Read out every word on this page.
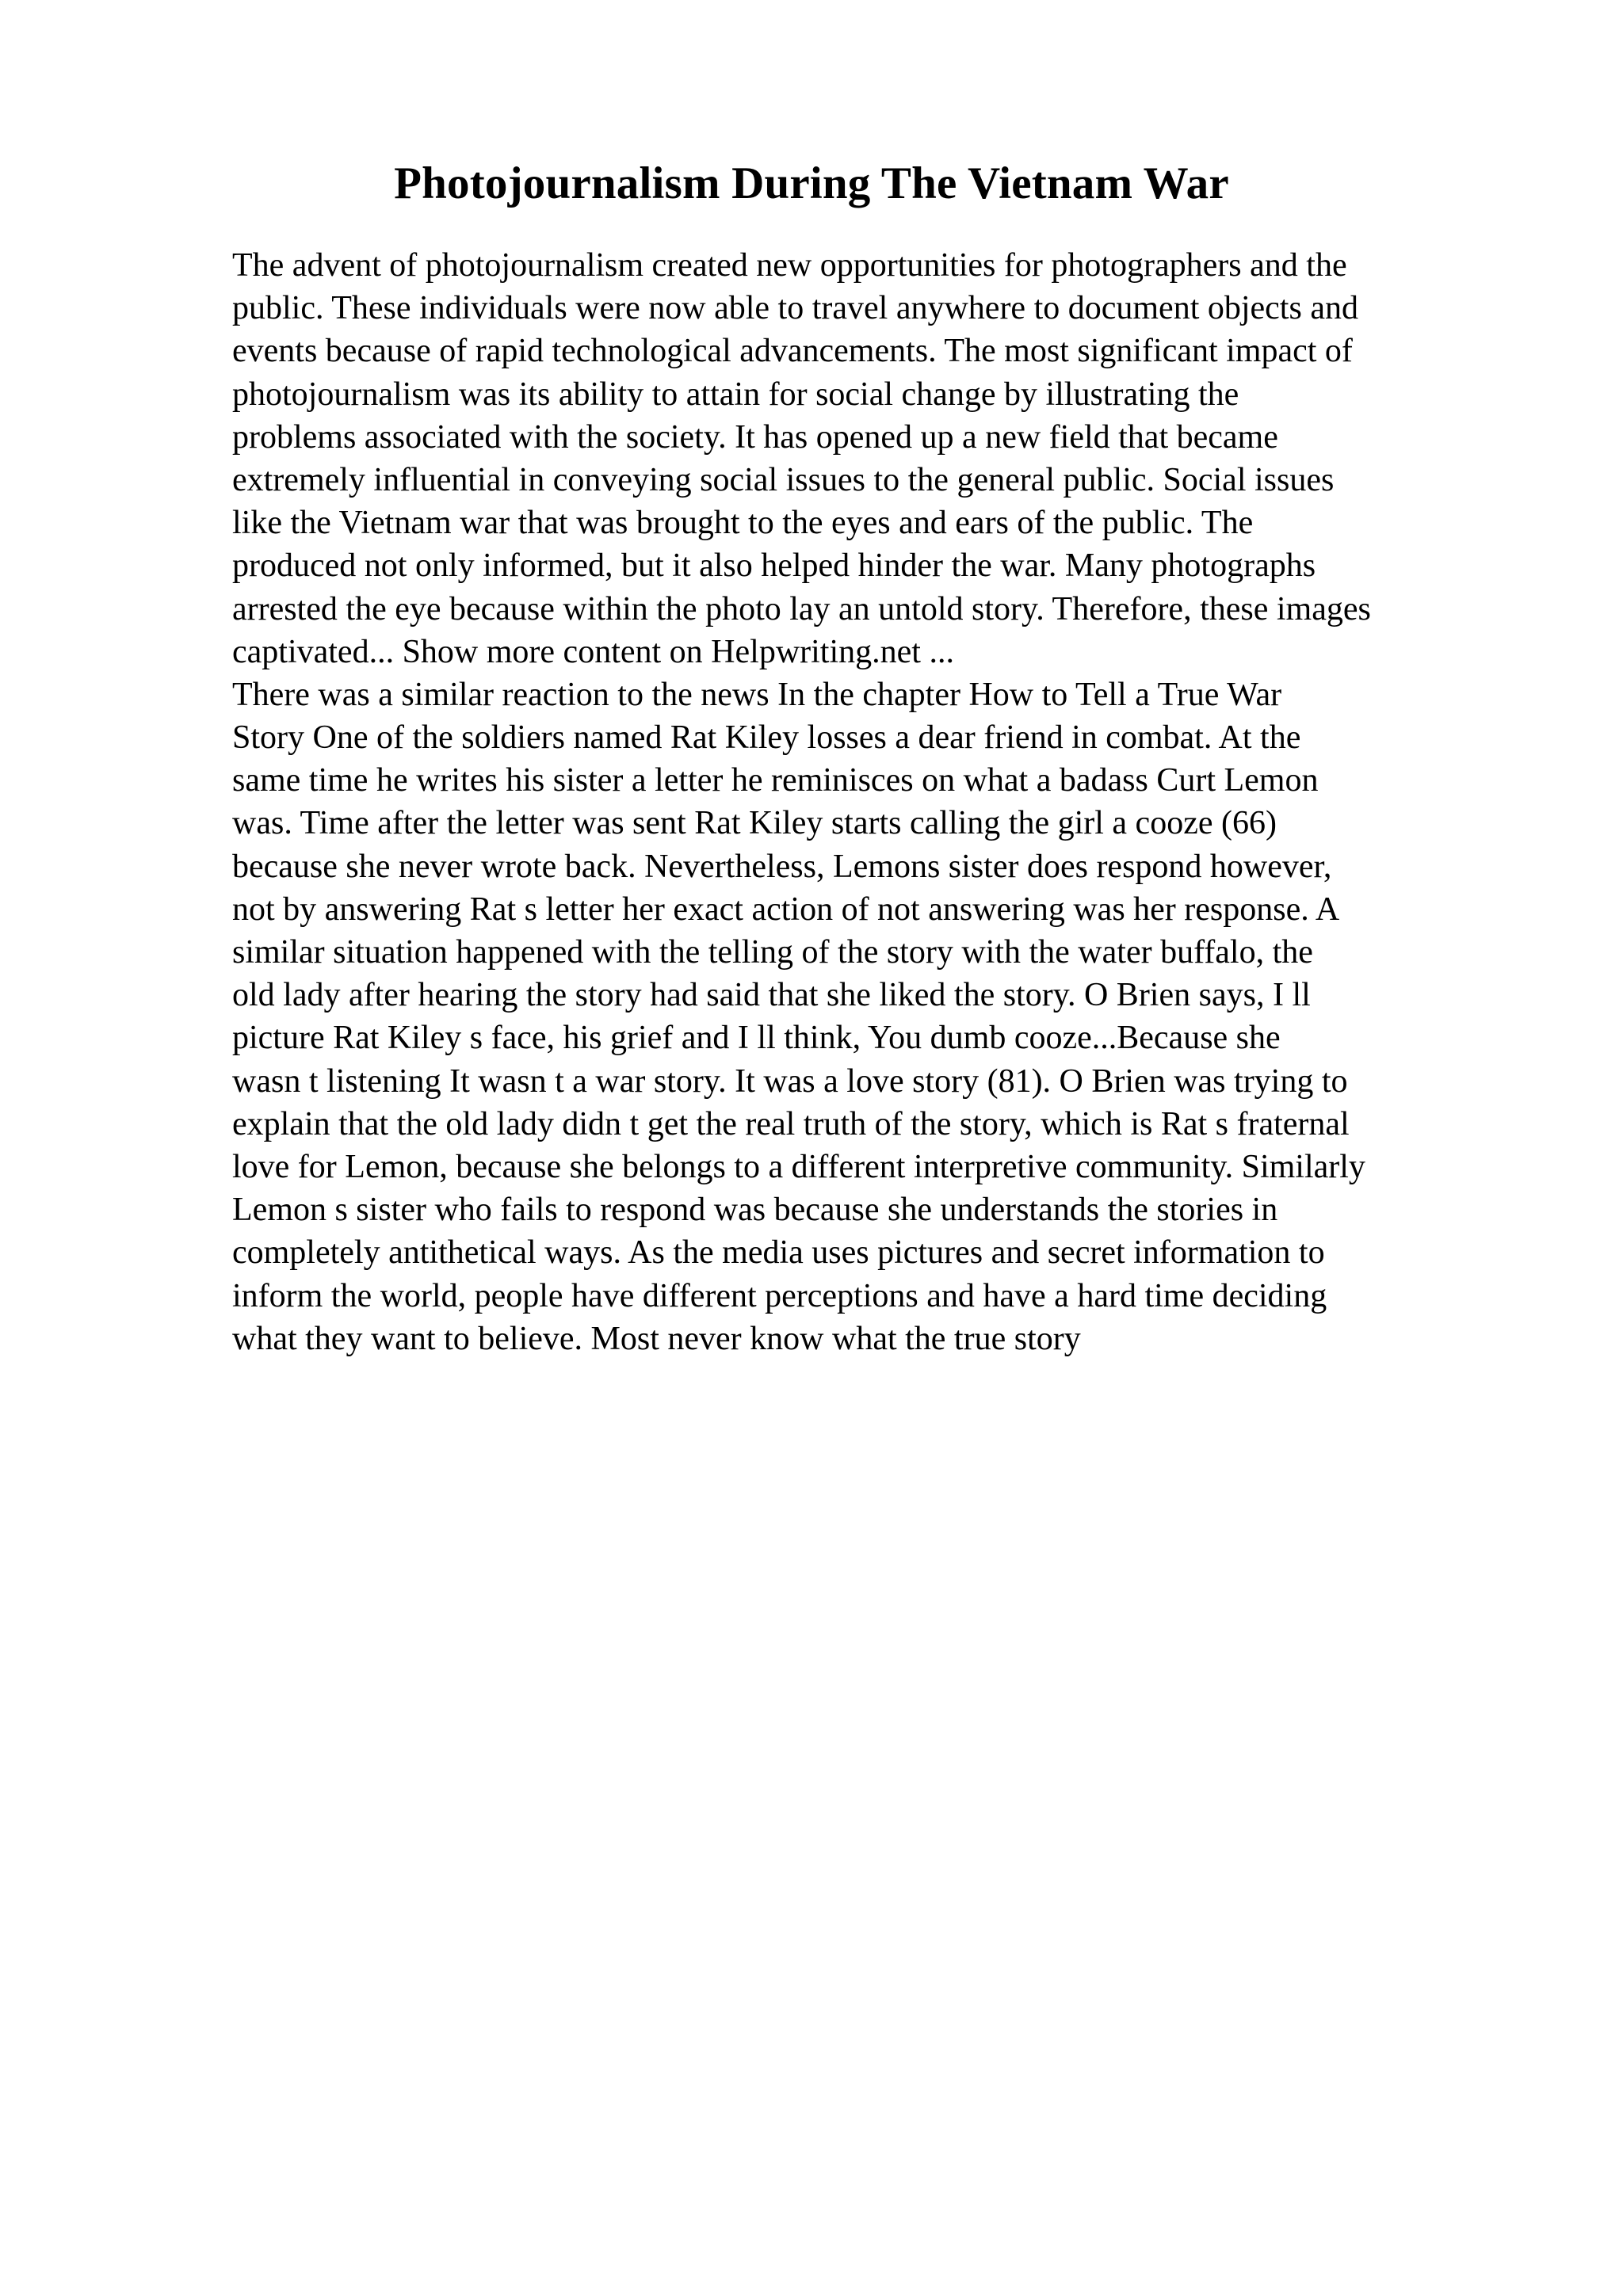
Photojournalism During The Vietnam War
The advent of photojournalism created new opportunities for photographers and the
public. These individuals were now able to travel anywhere to document objects and
events because of rapid technological advancements. The most significant impact of
photojournalism was its ability to attain for social change by illustrating the
problems associated with the society. It has opened up a new field that became
extremely influential in conveying social issues to the general public. Social issues
like the Vietnam war that was brought to the eyes and ears of the public. The
produced not only informed, but it also helped hinder the war. Many photographs
arrested the eye because within the photo lay an untold story. Therefore, these images
captivated... Show more content on Helpwriting.net ...
There was a similar reaction to the news In the chapter How to Tell a True War
Story One of the soldiers named Rat Kiley losses a dear friend in combat. At the
same time he writes his sister a letter he reminisces on what a badass Curt Lemon
was. Time after the letter was sent Rat Kiley starts calling the girl a cooze (66)
because she never wrote back. Nevertheless, Lemons sister does respond however,
not by answering Rat s letter her exact action of not answering was her response. A
similar situation happened with the telling of the story with the water buffalo, the
old lady after hearing the story had said that she liked the story. O Brien says, I ll
picture Rat Kiley s face, his grief and I ll think, You dumb cooze...Because she
wasn t listening It wasn t a war story. It was a love story (81). O Brien was trying to
explain that the old lady didn t get the real truth of the story, which is Rat s fraternal
love for Lemon, because she belongs to a different interpretive community. Similarly
Lemon s sister who fails to respond was because she understands the stories in
completely antithetical ways. As the media uses pictures and secret information to
inform the world, people have different perceptions and have a hard time deciding
what they want to believe. Most never know what the true story
